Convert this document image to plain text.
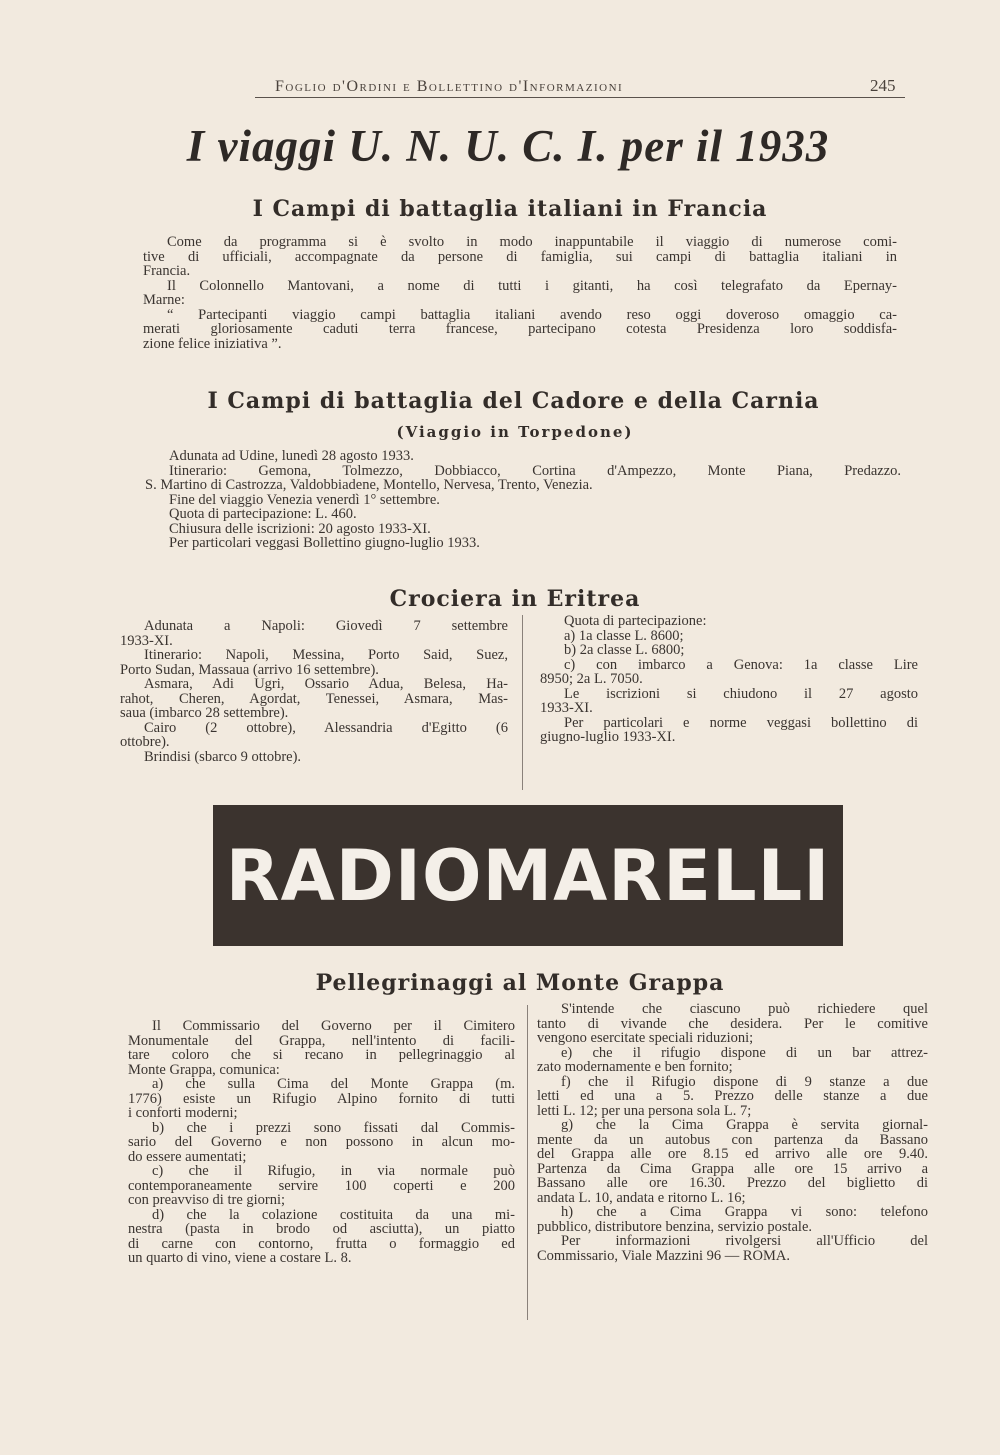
Foglio d'Ordini e Bollettino d'Informazioni	245
I viaggi U. N. U. C. I. per il 1933
I Campi di battaglia italiani in Francia
Come da programma si è svolto in modo inappuntabile il viaggio di numerose comi-
tive di ufficiali, accompagnate da persone di famiglia, sui campi di battaglia italiani in
Francia.
Il Colonnello Mantovani, a nome di tutti i gitanti, ha così telegrafato da Epernay-
Marne:
“ Partecipanti viaggio campi battaglia italiani avendo reso oggi doveroso omaggio ca-
merati gloriosamente caduti terra francese, partecipano cotesta Presidenza loro soddisfa-
zione felice iniziativa ”.
I Campi di battaglia del Cadore e della Carnia
(Viaggio in Torpedone)
Adunata ad Udine, lunedì 28 agosto 1933.
Itinerario: Gemona, Tolmezzo, Dobbiacco, Cortina d'Ampezzo, Monte Piana, Predazzo.
S. Martino di Castrozza, Valdobbiadene, Montello, Nervesa, Trento, Venezia.
Fine del viaggio Venezia venerdì 1° settembre.
Quota di partecipazione: L. 460.
Chiusura delle iscrizioni: 20 agosto 1933-XI.
Per particolari veggasi Bollettino giugno-luglio 1933.
Crociera in Eritrea
Adunata a Napoli: Giovedì 7 settembre
1933-XI.
Itinerario: Napoli, Messina, Porto Said, Suez,
Porto Sudan, Massaua (arrivo 16 settembre).
Asmara, Adi Ugri, Ossario Adua, Belesa, Ha-
rahot, Cheren, Agordat, Tenessei, Asmara, Mas-
saua (imbarco 28 settembre).
Cairo (2 ottobre), Alessandria d'Egitto (6
ottobre).
Brindisi (sbarco 9 ottobre).
Quota di partecipazione:
a) 1a classe L. 8600;
b) 2a classe L. 6800;
c) con imbarco a Genova: 1a classe Lire
8950; 2a L. 7050.
Le iscrizioni si chiudono il 27 agosto
1933-XI.
Per particolari e norme veggasi bollettino di
giugno-luglio 1933-XI.
RADIOMARELLI
Pellegrinaggi al Monte Grappa
Il Commissario del Governo per il Cimitero
Monumentale del Grappa, nell'intento di facili-
tare coloro che si recano in pellegrinaggio al
Monte Grappa, comunica:
a) che sulla Cima del Monte Grappa (m.
1776) esiste un Rifugio Alpino fornito di tutti
i conforti moderni;
b) che i prezzi sono fissati dal Commis-
sario del Governo e non possono in alcun mo-
do essere aumentati;
c) che il Rifugio, in via normale può
contemporaneamente servire 100 coperti e 200
con preavviso di tre giorni;
d) che la colazione costituita da una mi-
nestra (pasta in brodo od asciutta), un piatto
di carne con contorno, frutta o formaggio ed
un quarto di vino, viene a costare L. 8.
S'intende che ciascuno può richiedere quel
tanto di vivande che desidera. Per le comitive
vengono esercitate speciali riduzioni;
e) che il rifugio dispone di un bar attrez-
zato modernamente e ben fornito;
f) che il Rifugio dispone di 9 stanze a due
letti ed una a 5. Prezzo delle stanze a due
letti L. 12; per una persona sola L. 7;
g) che la Cima Grappa è servita giornal-
mente da un autobus con partenza da Bassano
del Grappa alle ore 8.15 ed arrivo alle ore 9.40.
Partenza da Cima Grappa alle ore 15 arrivo a
Bassano alle ore 16.30. Prezzo del biglietto di
andata L. 10, andata e ritorno L. 16;
h) che a Cima Grappa vi sono: telefono
pubblico, distributore benzina, servizio postale.
Per informazioni rivolgersi all'Ufficio del
Commissario, Viale Mazzini 96 — ROMA.
